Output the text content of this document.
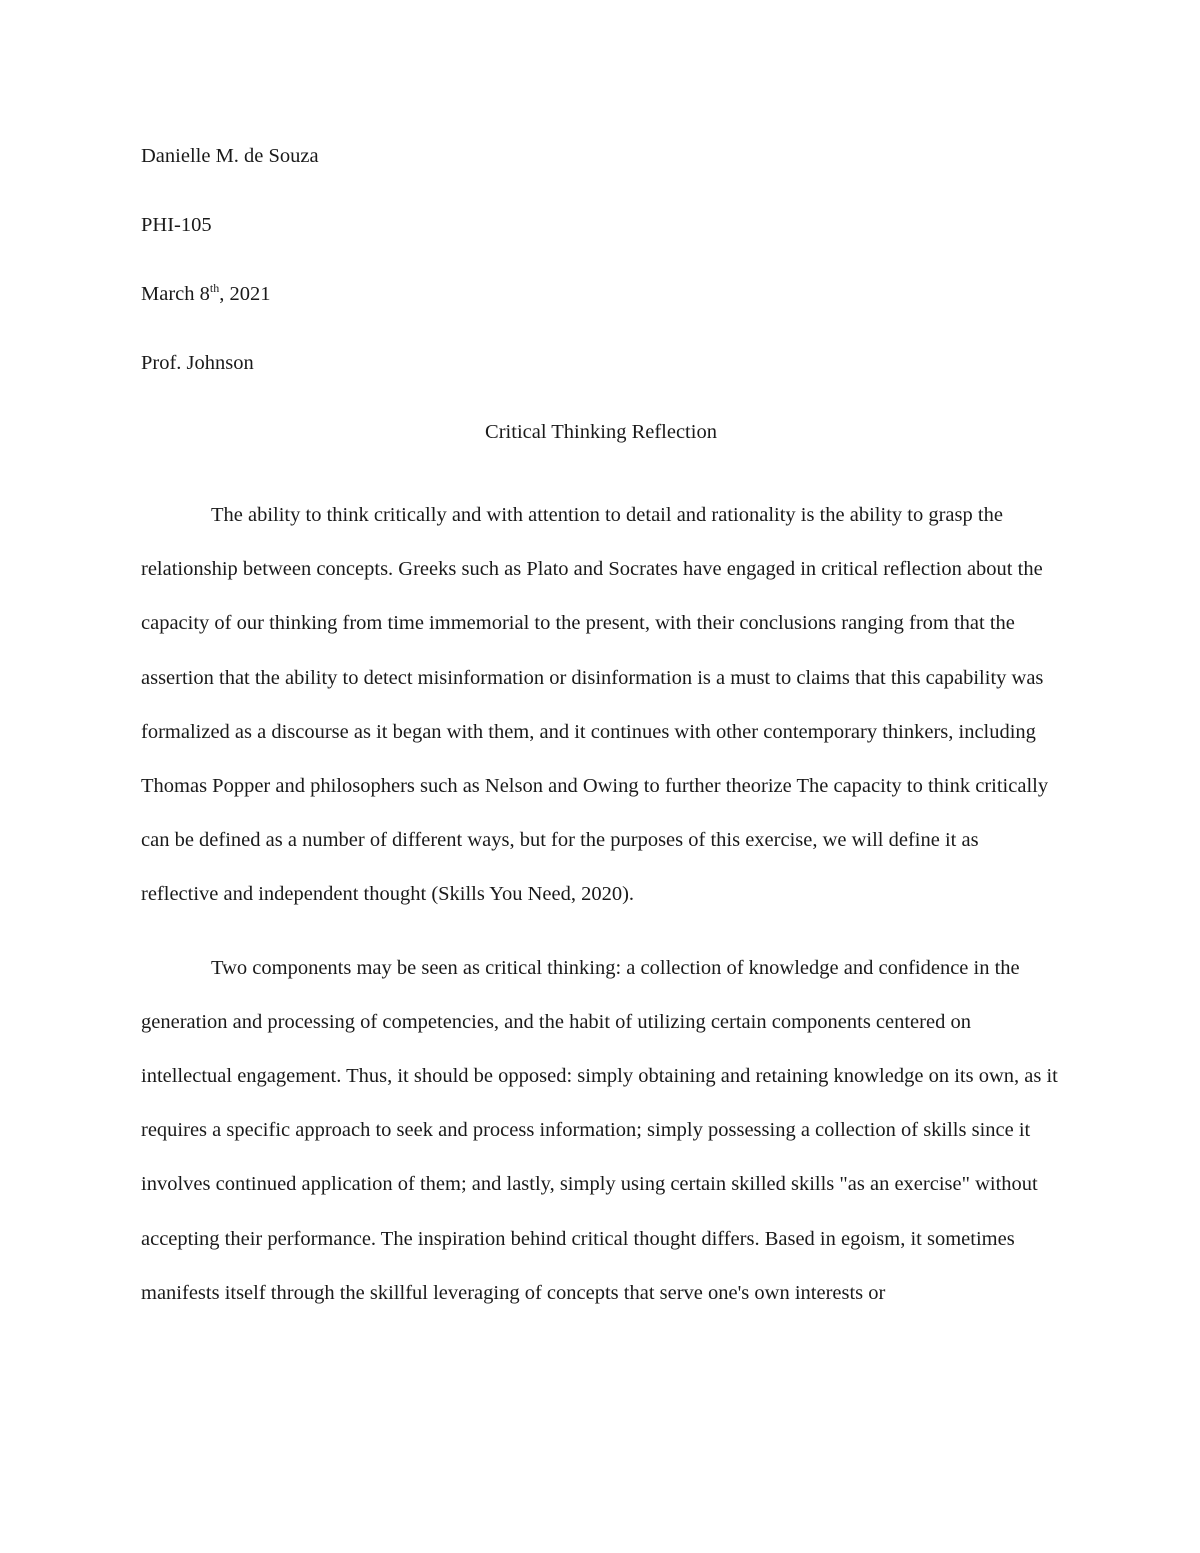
Danielle M. de Souza

PHI-105

March 8th, 2021

Prof. Johnson

Critical Thinking Reflection

The ability to think critically and with attention to detail and rationality is the ability to grasp the relationship between concepts. Greeks such as Plato and Socrates have engaged in critical reflection about the capacity of our thinking from time immemorial to the present, with their conclusions ranging from that the assertion that the ability to detect misinformation or disinformation is a must to claims that this capability was formalized as a discourse as it began with them, and it continues with other contemporary thinkers, including Thomas Popper and philosophers such as Nelson and Owing to further theorize The capacity to think critically can be defined as a number of different ways, but for the purposes of this exercise, we will define it as reflective and independent thought (Skills You Need, 2020).

Two components may be seen as critical thinking: a collection of knowledge and confidence in the generation and processing of competencies, and the habit of utilizing certain components centered on intellectual engagement. Thus, it should be opposed: simply obtaining and retaining knowledge on its own, as it requires a specific approach to seek and process information; simply possessing a collection of skills since it involves continued application of them; and lastly, simply using certain skilled skills "as an exercise" without accepting their performance. The inspiration behind critical thought differs. Based in egoism, it sometimes manifests itself through the skillful leveraging of concepts that serve one's own interests or
